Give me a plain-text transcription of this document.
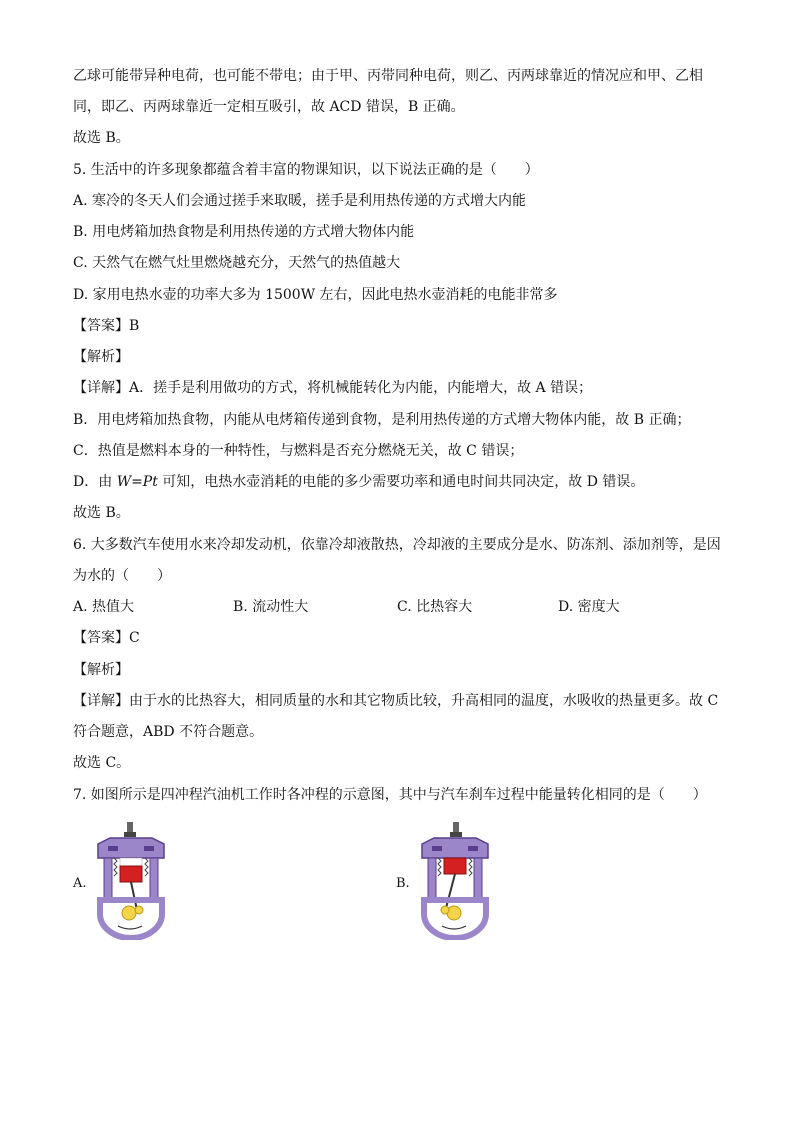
乙球可能带异种电荷，也可能不带电；由于甲、丙带同种电荷，则乙、丙两球靠近的情况应和甲、乙相
同，即乙、丙两球靠近一定相互吸引，故 ACD 错误，B 正确。
故选 B。
5. 生活中的许多现象都蕴含着丰富的物课知识，以下说法正确的是（　　）
A. 寒冷的冬天人们会通过搓手来取暖，搓手是利用热传递的方式增大内能
B. 用电烤箱加热食物是利用热传递的方式增大物体内能
C. 天然气在燃气灶里燃烧越充分，天然气的热值越大
D. 家用电热水壶的功率大多为 1500W 左右，因此电热水壶消耗的电能非常多
【答案】B
【解析】
【详解】A．搓手是利用做功的方式，将机械能转化为内能，内能增大，故 A 错误；
B．用电烤箱加热食物，内能从电烤箱传递到食物，是利用热传递的方式增大物体内能，故 B 正确；
C．热值是燃料本身的一种特性，与燃料是否充分燃烧无关，故 C 错误；
D．由 W=Pt 可知，电热水壶消耗的电能的多少需要功率和通电时间共同决定，故 D 错误。
故选 B。
6. 大多数汽车使用水来冷却发动机，依靠冷却液散热，冷却液的主要成分是水、防冻剂、添加剂等，是因
为水的（　　）
A. 热值大	B. 流动性大	C. 比热容大	D. 密度大
【答案】C
【解析】
【详解】由于水的比热容大，相同质量的水和其它物质比较，升高相同的温度，水吸收的热量更多。故 C
符合题意，ABD 不符合题意。
故选 C。
7. 如图所示是四冲程汽油机工作时各冲程的示意图，其中与汽车刹车过程中能量转化相同的是（　　）
A.	B.
